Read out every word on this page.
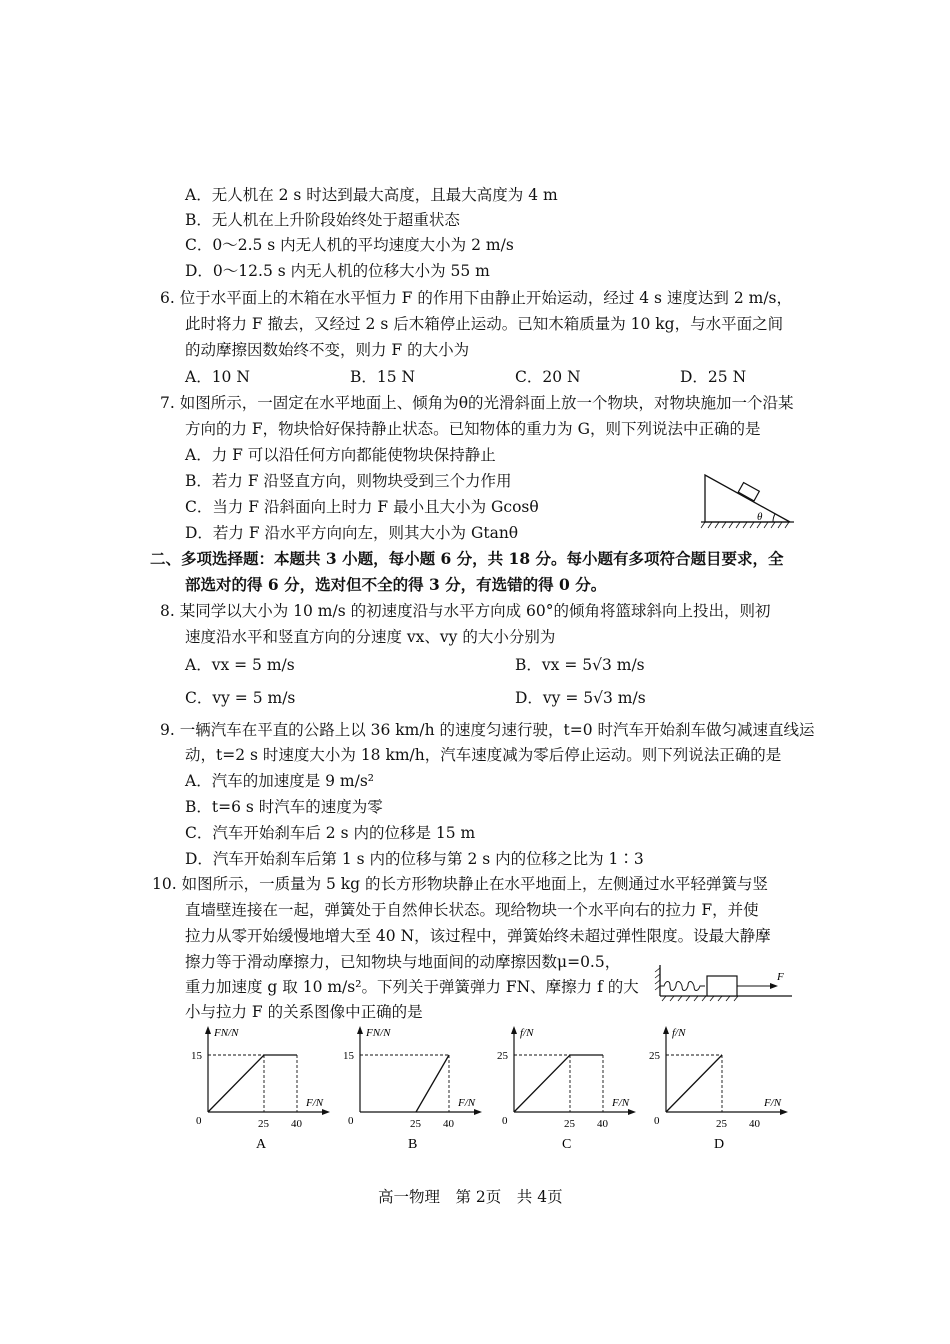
A．无人机在 2 s 时达到最大高度，且最大高度为 4 m
B．无人机在上升阶段始终处于超重状态
C．0～2.5 s 内无人机的平均速度大小为 2 m/s
D．0～12.5 s 内无人机的位移大小为 55 m
6. 位于水平面上的木箱在水平恒力 F 的作用下由静止开始运动，经过 4 s 速度达到 2 m/s，
此时将力 F 撤去，又经过 2 s 后木箱停止运动。已知木箱质量为 10 kg，与水平面之间
的动摩擦因数始终不变，则力 F 的大小为
A．10 N	B．15 N	C．20 N	D．25 N
7. 如图所示，一固定在水平地面上、倾角为θ的光滑斜面上放一个物块，对物块施加一个沿某
方向的力 F，物块恰好保持静止状态。已知物体的重力为 G，则下列说法中正确的是
A．力 F 可以沿任何方向都能使物块保持静止
B．若力 F 沿竖直方向，则物块受到三个力作用
C．当力 F 沿斜面向上时力 F 最小且大小为 Gcosθ
D．若力 F 沿水平方向向左，则其大小为 Gtanθ
θ
二、多项选择题：本题共 3 小题，每小题 6 分，共 18 分。每小题有多项符合题目要求，全
部选对的得 6 分，选对但不全的得 3 分，有选错的得 0 分。
8. 某同学以大小为 10 m/s 的初速度沿与水平方向成 60°的倾角将篮球斜向上投出，则初
速度沿水平和竖直方向的分速度 vx、vy 的大小分别为
A．vx = 5 m/s	B．vx = 5√3 m/s
C．vy = 5 m/s	D．vy = 5√3 m/s
9. 一辆汽车在平直的公路上以 36 km/h 的速度匀速行驶，t=0 时汽车开始刹车做匀减速直线运
动，t=2 s 时速度大小为 18 km/h，汽车速度减为零后停止运动。则下列说法正确的是
A．汽车的加速度是 9 m/s²
B．t=6 s 时汽车的速度为零
C．汽车开始刹车后 2 s 内的位移是 15 m
D．汽车开始刹车后第 1 s 内的位移与第 2 s 内的位移之比为 1∶3
10. 如图所示，一质量为 5 kg 的长方形物块静止在水平地面上，左侧通过水平轻弹簧与竖
直墙壁连接在一起，弹簧处于自然伸长状态。现给物块一个水平向右的拉力 F，并使
拉力从零开始缓慢地增大至 40 N，该过程中，弹簧始终未超过弹性限度。设最大静摩
擦力等于滑动摩擦力，已知物块与地面间的动摩擦因数μ=0.5，
重力加速度 g 取 10 m/s²。下列关于弹簧弹力 FN、摩擦力 f 的大
小与拉力 F 的关系图像中正确的是
F
FN/N
F/N
15
0	25 40
A
FN/N
F/N
15
0	25 40
B
f/N
F/N
25
0	25 40
C
f/N
F/N
25
0	25 40
D
高一物理　第 2页　共 4页
